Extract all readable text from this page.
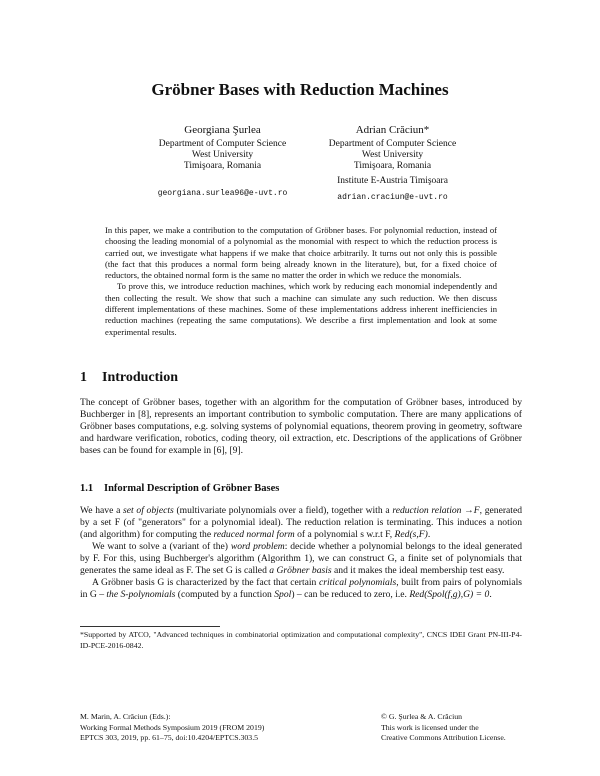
Gröbner Bases with Reduction Machines
Georgiana Şurlea
Department of Computer Science
West University
Timişoara, Romania
georgiana.surlea96@e-uvt.ro
Adrian Crăciun*
Department of Computer Science
West University
Timişoara, Romania
Institute E-Austria Timişoara
adrian.craciun@e-uvt.ro

In this paper, we make a contribution to the computation of Gröbner bases. For polynomial reduction, instead of choosing the leading monomial of a polynomial as the monomial with respect to which the reduction process is carried out, we investigate what happens if we make that choice arbitrarily. It turns out not only this is possible (the fact that this produces a normal form being already known in the literature), but, for a fixed choice of reductors, the obtained normal form is the same no matter the order in which we reduce the monomials.

To prove this, we introduce reduction machines, which work by reducing each monomial independently and then collecting the result. We show that such a machine can simulate any such reduction. We then discuss different implementations of these machines. Some of these implementations address inherent inefficiencies in reduction machines (repeating the same computations). We describe a first implementation and look at some experimental results.

1 Introduction

The concept of Gröbner bases, together with an algorithm for the computation of Gröbner bases, introduced by Buchberger in [8], represents an important contribution to symbolic computation. There are many applications of Gröbner bases computations, e.g. solving systems of polynomial equations, theorem proving in geometry, software and hardware verification, robotics, coding theory, oil extraction, etc. Descriptions of the applications of Gröbner bases can be found for example in [6], [9].

1.1 Informal Description of Gröbner Bases

We have a set of objects (multivariate polynomials over a field), together with a reduction relation →F, generated by a set F (of "generators" for a polynomial ideal). The reduction relation is terminating. This induces a notion (and algorithm) for computing the reduced normal form of a polynomial s w.r.t F, Red(s,F).

We want to solve a (variant of the) word problem: decide whether a polynomial belongs to the ideal generated by F. For this, using Buchberger's algorithm (Algorithm 1), we can construct G, a finite set of polynomials that generates the same ideal as F. The set G is called a Gröbner basis and it makes the ideal membership test easy.

A Gröbner basis G is characterized by the fact that certain critical polynomials, built from pairs of polynomials in G – the S-polynomials (computed by a function Spol) – can be reduced to zero, i.e. Red(Spol(f,g),G) = 0.

*Supported by ATCO, "Advanced techniques in combinatorial optimization and computational complexity", CNCS IDEI Grant PN-III-P4-ID-PCE-2016-0842.
M. Marin, A. Crăciun (Eds.):
Working Formal Methods Symposium 2019 (FROM 2019)
EPTCS 303, 2019, pp. 61–75, doi:10.4204/EPTCS.303.5
© G. Şurlea & A. Crăciun
This work is licensed under the
Creative Commons Attribution License.
